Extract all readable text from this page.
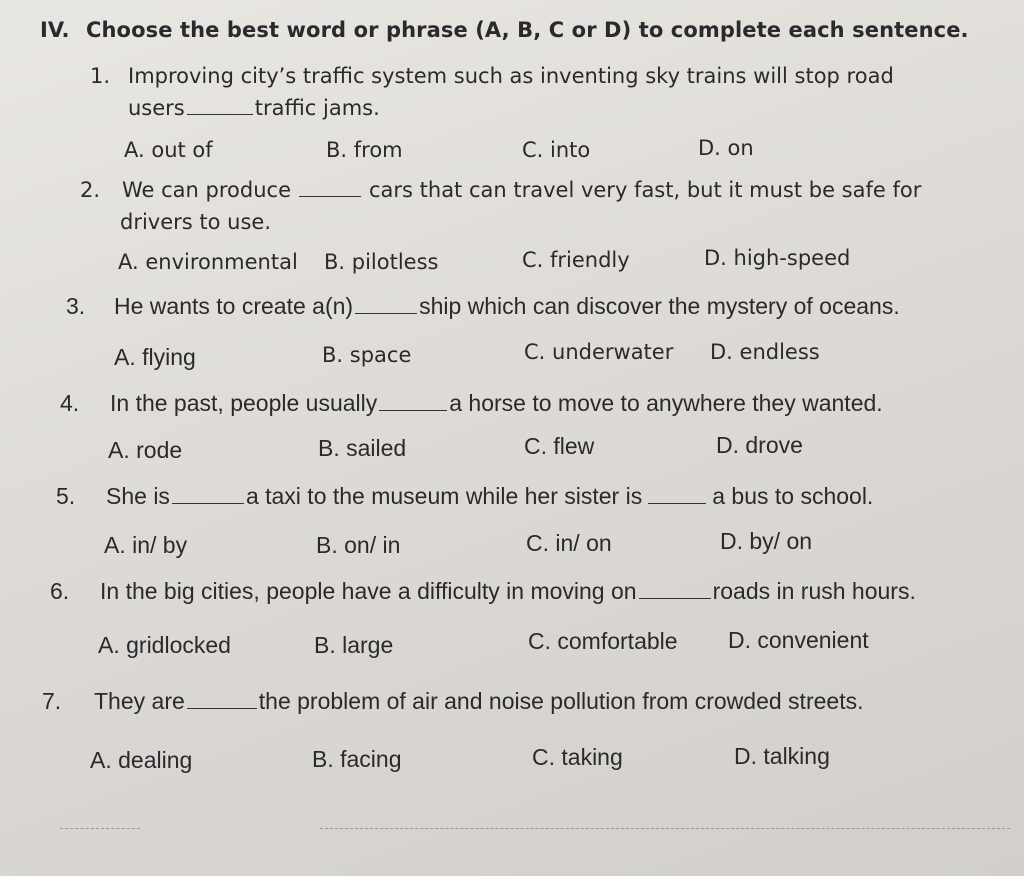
IV. Choose the best word or phrase (A, B, C or D) to complete each sentence.
1. Improving city’s traffic system such as inventing sky trains will stop road
users	traffic jams.
A. out of	B. from	C. into	D. on
2. We can produce	cars that can travel very fast, but it must be safe for
drivers to use.
A. environmental B. pilotless	C. friendly	D. high-speed
3. He wants to create a(n)	ship which can discover the mystery of oceans.
A. flying	B. space	C. underwater D. endless
4. In the past, people usually	a horse to move to anywhere they wanted.
A. rode	B. sailed	C. flew	D. drove
5. She is	a taxi to the museum while her sister is	a bus to school.
A. in/ by	B. on/ in	C. in/ on	D. by/ on
6. In the big cities, people have a difficulty in moving on	roads in rush hours.
A. gridlocked	B. large	C. comfortable D. convenient
7. They are	the problem of air and noise pollution from crowded streets.
A. dealing	B. facing	C. taking	D. talking
